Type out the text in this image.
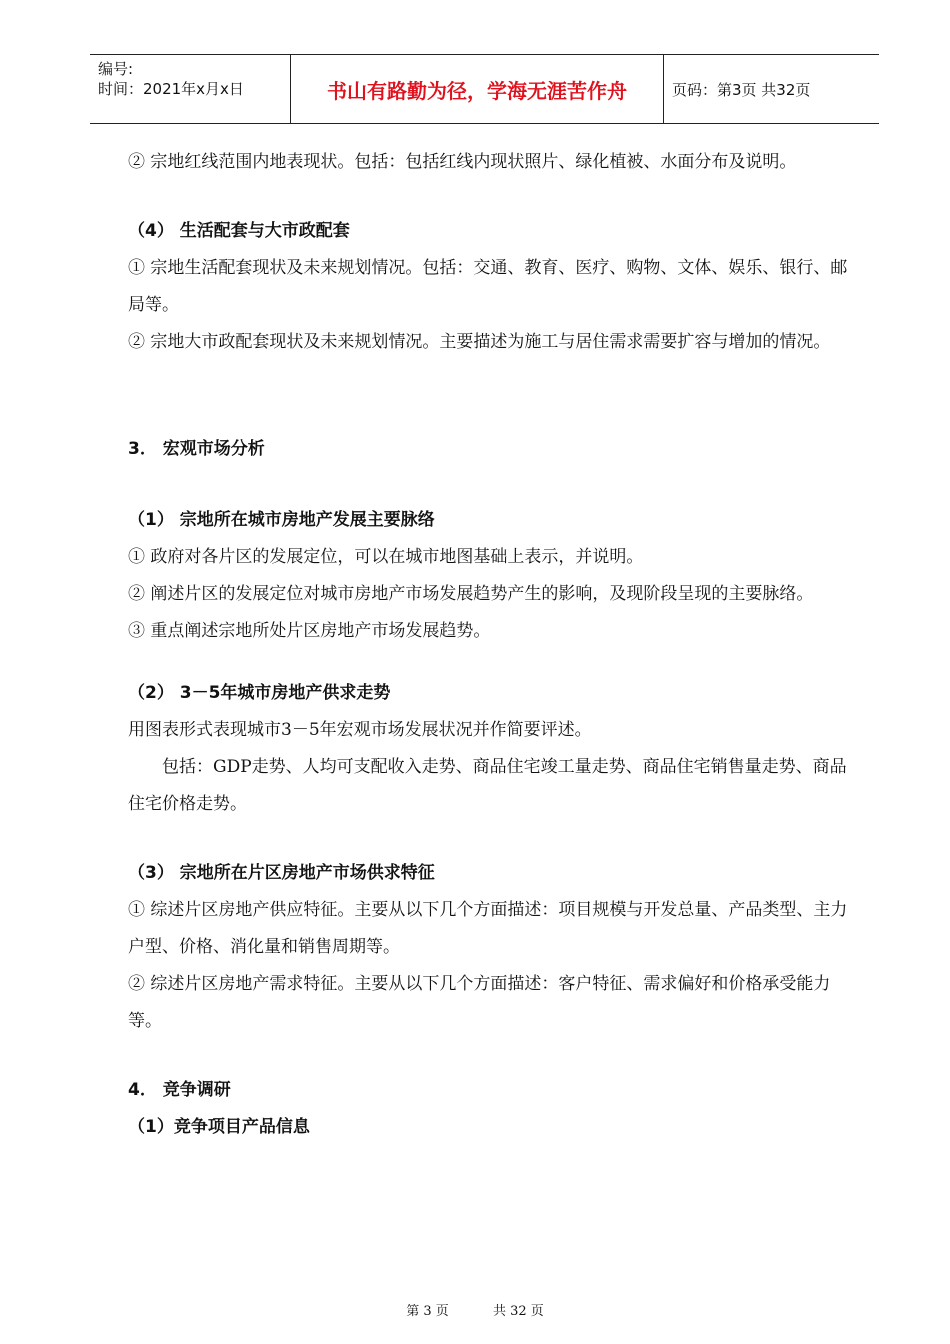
编号:
时间：2021年x月x日	书山有路勤为径，学海无涯苦作舟	页码：第3页 共32页

② 宗地红线范围内地表现状。包括：包括红线内现状照片、绿化植被、水面分布及说明。

（4） 生活配套与大市政配套

① 宗地生活配套现状及未来规划情况。包括：交通、教育、医疗、购物、文体、娱乐、银行、邮局等。

② 宗地大市政配套现状及未来规划情况。主要描述为施工与居住需求需要扩容与增加的情况。

3． 宏观市场分析

（1） 宗地所在城市房地产发展主要脉络

① 政府对各片区的发展定位，可以在城市地图基础上表示，并说明。

② 阐述片区的发展定位对城市房地产市场发展趋势产生的影响，及现阶段呈现的主要脉络。

③ 重点阐述宗地所处片区房地产市场发展趋势。

（2） 3－5年城市房地产供求走势

用图表形式表现城市3－5年宏观市场发展状况并作简要评述。

包括：GDP走势、人均可支配收入走势、商品住宅竣工量走势、商品住宅销售量走势、商品住宅价格走势。

（3） 宗地所在片区房地产市场供求特征

① 综述片区房地产供应特征。主要从以下几个方面描述：项目规模与开发总量、产品类型、主力户型、价格、消化量和销售周期等。

② 综述片区房地产需求特征。主要从以下几个方面描述：客户特征、需求偏好和价格承受能力等。

4． 竞争调研

（1）竞争项目产品信息

第 3 页	共 32 页
